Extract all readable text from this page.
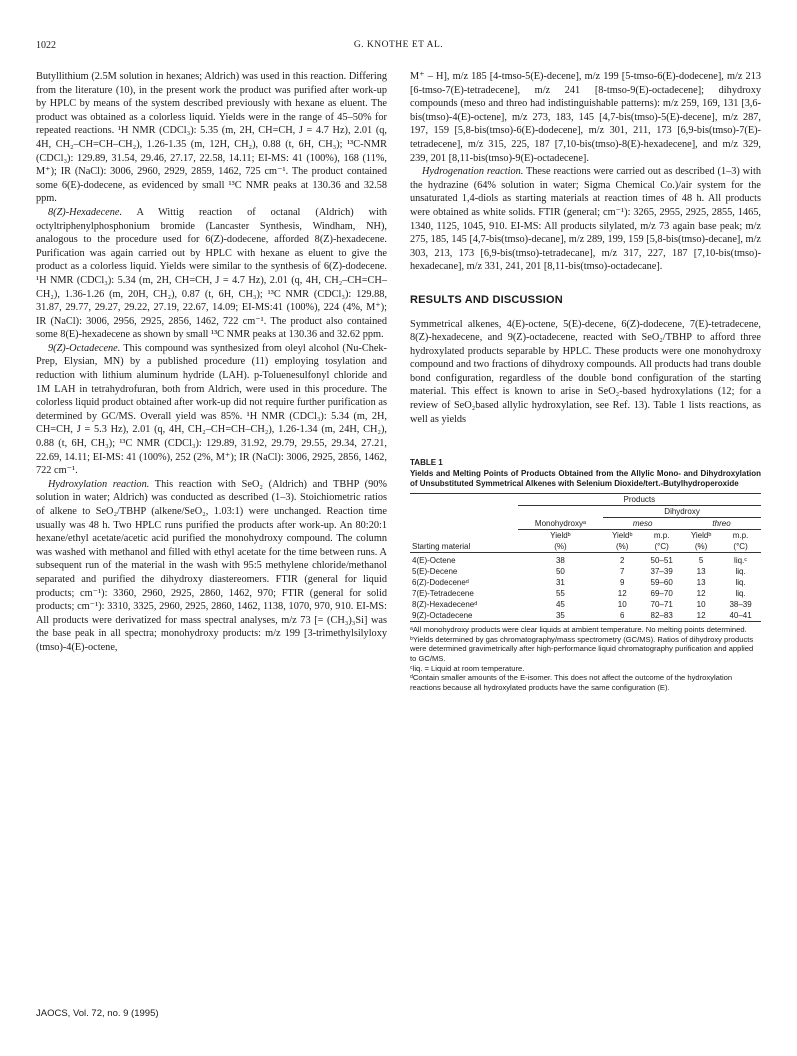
1022	G. KNOTHE ET AL.

Butyllithium (2.5M solution in hexanes; Aldrich) was used in this reaction. Differing from the literature (10), in the present work the product was purified after work-up by HPLC by means of the system described previously with hexane as eluent. The product was obtained as a colorless liquid. Yields were in the range of 45–50% for repeated reactions. ¹H NMR (CDCl₃): 5.35 (m, 2H, CH=CH, J = 4.7 Hz), 2.01 (q, 4H, CH₂–CH=CH–CH₂), 1.26-1.35 (m, 12H, CH₂), 0.88 (t, 6H, CH₃); ¹³C-NMR (CDCl₃): 129.89, 31.54, 29.46, 27.17, 22.58, 14.11; EI-MS: 41 (100%), 168 (11%, M⁺); IR (NaCl): 3006, 2960, 2929, 2859, 1462, 725 cm⁻¹. The product contained some 6(E)-dodecene, as evidenced by small ¹³C NMR peaks at 130.36 and 32.58 ppm.

8(Z)-Hexadecene. A Wittig reaction of octanal (Aldrich) with octyltriphenylphosphonium bromide (Lancaster Synthesis, Windham, NH), analogous to the procedure used for 6(Z)-dodecene, afforded 8(Z)-hexadecene. Purification was again carried out by HPLC with hexane as eluent to give the product as a colorless liquid. Yields were similar to the synthesis of 6(Z)-dodecene. ¹H NMR (CDCl₃): 5.34 (m, 2H, CH=CH, J = 4.7 Hz), 2.01 (q, 4H, CH₂–CH=CH–CH₂), 1.36-1.26 (m, 20H, CH₂), 0.87 (t, 6H, CH₃); ¹³C NMR (CDCl₃): 129.88, 31.87, 29.77, 29.27, 29.22, 27.19, 22.67, 14.09; EI-MS:41 (100%), 224 (4%, M⁺); IR (NaCl): 3006, 2956, 2925, 2856, 1462, 722 cm⁻¹. The product also contained some 8(E)-hexadecene as shown by small ¹³C NMR peaks at 130.36 and 32.62 ppm.

9(Z)-Octadecene. This compound was synthesized from oleyl alcohol (Nu-Chek-Prep, Elysian, MN) by a published procedure (11) employing tosylation and reduction with lithium aluminum hydride (LAH). p-Toluenesulfonyl chloride and 1M LAH in tetrahydrofuran, both from Aldrich, were used in this procedure. The colorless liquid product obtained after work-up did not require further purification as determined by GC/MS. Overall yield was 85%. ¹H NMR (CDCl₃): 5.34 (m, 2H, CH=CH, J = 5.3 Hz), 2.01 (q, 4H, CH₂–CH=CH–CH₂), 1.26-1.34 (m, 24H, CH₂), 0.88 (t, 6H, CH₃); ¹³C NMR (CDCl₃): 129.89, 31.92, 29.79, 29.55, 29.34, 27.21, 22.69, 14.11; EI-MS: 41 (100%), 252 (2%, M⁺); IR (NaCl): 3006, 2925, 2856, 1462, 722 cm⁻¹.

Hydroxylation reaction. This reaction with SeO₂ (Aldrich) and TBHP (90% solution in water; Aldrich) was conducted as described (1–3). Stoichiometric ratios of alkene to SeO₂/TBHP (alkene/SeO₂, 1.03:1) were unchanged. Reaction time usually was 48 h. Two HPLC runs purified the products after work-up. An 80:20:1 hexane/ethyl acetate/acetic acid purified the monohydroxy compound. The column was washed with methanol and filled with ethyl acetate for the time between runs. A subsequent run of the material in the wash with 95:5 methylene chloride/methanol separated and purified the dihydroxy diastereomers. FTIR (general for liquid products; cm⁻¹): 3360, 2960, 2925, 2860, 1462, 970; FTIR (general for solid products; cm⁻¹): 3310, 3325, 2960, 2925, 2860, 1462, 1138, 1070, 970, 910. EI-MS: All products were derivatized for mass spectral analyses, m/z 73 [= (CH₃)₃Si] was the base peak in all spectra; monohydroxy products: m/z 199 [3-trimethylsilyloxy (tmso)-4(E)-octene,

M⁺ – H], m/z 185 [4-tmso-5(E)-decene], m/z 199 [5-tmso-6(E)-dodecene], m/z 213 [6-tmso-7(E)-tetradecene], m/z 241 [8-tmso-9(E)-octadecene]; dihydroxy compounds (meso and threo had indistinguishable patterns): m/z 259, 169, 131 [3,6-bis(tmso)-4(E)-octene], m/z 273, 183, 145 [4,7-bis(tmso)-5(E)-decene], m/z 287, 197, 159 [5,8-bis(tmso)-6(E)-dodecene], m/z 301, 211, 173 [6,9-bis(tmso)-7(E)-tetradecene], m/z 315, 225, 187 [7,10-bis(tmso)-8(E)-hexadecene], and m/z 329, 239, 201 [8,11-bis(tmso)-9(E)-octadecene].

Hydrogenation reaction. These reactions were carried out as described (1–3) with the hydrazine (64% solution in water; Sigma Chemical Co.)/air system for the unsaturated 1,4-diols as starting materials at reaction times of 48 h. All products were obtained as white solids. FTIR (general; cm⁻¹): 3265, 2955, 2925, 2855, 1465, 1340, 1125, 1045, 910. EI-MS: All products silylated, m/z 73 again base peak; m/z 275, 185, 145 [4,7-bis(tmso)-decane], m/z 289, 199, 159 [5,8-bis(tmso)-decane], m/z 303, 213, 173 [6,9-bis(tmso)-tetradecane], m/z 317, 227, 187 [7,10-bis(tmso)-hexadecane], m/z 331, 241, 201 [8,11-bis(tmso)-octadecane].

RESULTS AND DISCUSSION

Symmetrical alkenes, 4(E)-octene, 5(E)-decene, 6(Z)-dodecene, 7(E)-tetradecene, 8(Z)-hexadecene, and 9(Z)-octadecene, reacted with SeO₂/TBHP to afford three hydroxylated products separable by HPLC. These products were one monohydroxy compound and two fractions of dihydroxy compounds. All products had trans double bond configuration, regardless of the double bond configuration of the starting material. This effect is known to arise in SeO₂-based hydroxylations (12; for a review of SeO₂based allylic hydroxylation, see Ref. 13). Table 1 lists reactions, as well as yields

TABLE 1
Yields and Melting Points of Products Obtained from the Allylic Mono- and Dihydroxylation of Unsubstituted Symmetrical Alkenes with Selenium Dioxide/tert.-Butylhydroperoxide
	Products				
		Dihydroxy			
	Monohydroxyᵃ	meso		threo	
	Yieldᵇ	Yieldᵇ	m.p.	Yieldᵇ	m.p.
Starting material	(%)	(%)	(°C)	(%)	(°C)
4(E)-Octene	38	2	50–51	5	liq.ᶜ
5(E)-Decene	50	7	37–39	13	liq.
6(Z)-Dodeceneᵈ	31	9	59–60	13	liq.
7(E)-Tetradecene	55	12	69–70	12	liq.
8(Z)-Hexadeceneᵈ	45	10	70–71	10	38–39
9(Z)-Octadecene	35	6	82–83	12	40–41
ᵃAll monohydroxy products were clear liquids at ambient temperature. No melting points determined.
ᵇYields determined by gas chromatography/mass spectrometry (GC/MS). Ratios of dihydroxy products were determined gravimetrically after high-performance liquid chromatography purification and applied to GC/MS.
ᶜliq. = Liquid at room temperature.
ᵈContain smaller amounts of the E-isomer. This does not affect the outcome of the hydroxylation reactions because all hydroxylated products have the same configuration (E).
JAOCS, Vol. 72, no. 9 (1995)
